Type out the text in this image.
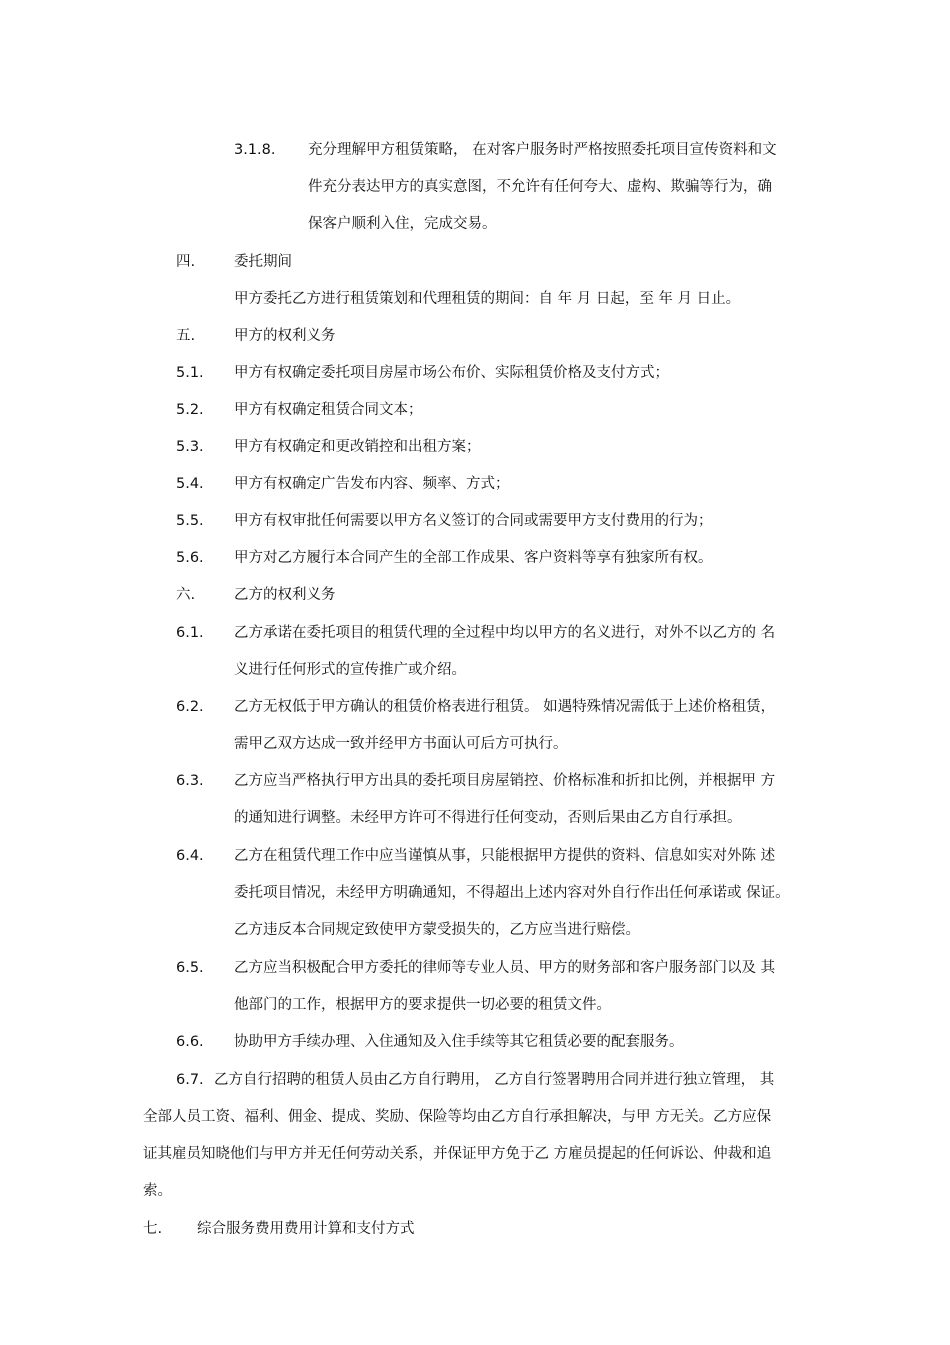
3.1.8. 充分理解甲方租赁策略， 在对客户服务时严格按照委托项目宣传资料和文
件充分表达甲方的真实意图，不允许有任何夸大、虚构、欺骗等行为，确
保客户顺利入住，完成交易。
四.	委托期间
甲方委托乙方进行租赁策划和代理租赁的期间：自 年 月 日起，至 年 月 日止。
五.	甲方的权利义务
5.1. 甲方有权确定委托项目房屋市场公布价、实际租赁价格及支付方式；
5.2. 甲方有权确定租赁合同文本；
5.3. 甲方有权确定和更改销控和出租方案；
5.4. 甲方有权确定广告发布内容、频率、方式；
5.5. 甲方有权审批任何需要以甲方名义签订的合同或需要甲方支付费用的行为；
5.6. 甲方对乙方履行本合同产生的全部工作成果、客户资料等享有独家所有权。
六.	乙方的权利义务
6.1. 乙方承诺在委托项目的租赁代理的全过程中均以甲方的名义进行，对外不以乙方的 名
义进行任何形式的宣传推广或介绍。
6.2. 乙方无权低于甲方确认的租赁价格表进行租赁。 如遇特殊情况需低于上述价格租赁，
需甲乙双方达成一致并经甲方书面认可后方可执行。
6.3. 乙方应当严格执行甲方出具的委托项目房屋销控、价格标准和折扣比例，并根据甲 方
的通知进行调整。未经甲方许可不得进行任何变动，否则后果由乙方自行承担。
6.4. 乙方在租赁代理工作中应当谨慎从事，只能根据甲方提供的资料、信息如实对外陈 述
委托项目情况，未经甲方明确通知，不得超出上述内容对外自行作出任何承诺或 保证。
乙方违反本合同规定致使甲方蒙受损失的，乙方应当进行赔偿。
6.5. 乙方应当积极配合甲方委托的律师等专业人员、甲方的财务部和客户服务部门以及 其
他部门的工作，根据甲方的要求提供一切必要的租赁文件。
6.6. 协助甲方手续办理、入住通知及入住手续等其它租赁必要的配套服务。
6.7. 乙方自行招聘的租赁人员由乙方自行聘用， 乙方自行签署聘用合同并进行独立管理， 其
全部人员工资、福利、佣金、提成、奖励、保险等均由乙方自行承担解决，与甲 方无关。乙方应保
证其雇员知晓他们与甲方并无任何劳动关系，并保证甲方免于乙 方雇员提起的任何诉讼、仲裁和追
索。
七. 综合服务费用费用计算和支付方式
